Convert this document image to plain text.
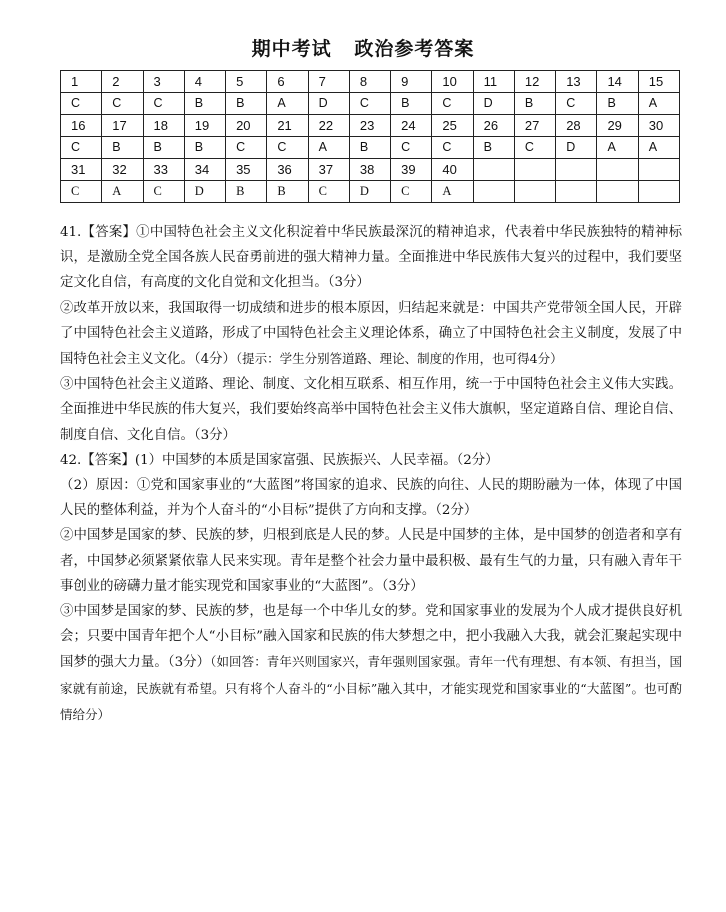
期中考试   政治参考答案
1	2	3	4	5	6	7	8	9	10	11	12	13	14	15
C	C	C	B	B	A	D	C	B	C	D	B	C	B	A
16	17	18	19	20	21	22	23	24	25	26	27	28	29	30
C	B	B	B	C	C	A	B	C	C	B	C	D	A	A
31	32	33	34	35	36	37	38	39	40					
C	A	C	D	B	B	C	D	C	A					

41.【答案】①中国特色社会主义文化积淀着中华民族最深沉的精神追求，代表着中华民族独特的精神标识，是激励全党全国各族人民奋勇前进的强大精神力量。全面推进中华民族伟大复兴的过程中，我们要坚定文化自信，有高度的文化自觉和文化担当。（3分）

②改革开放以来，我国取得一切成绩和进步的根本原因，归结起来就是：中国共产党带领全国人民，开辟了中国特色社会主义道路，形成了中国特色社会主义理论体系，确立了中国特色社会主义制度，发展了中国特色社会主义文化。（4分）（提示：学生分别答道路、理论、制度的作用，也可得4分）

③中国特色社会主义道路、理论、制度、文化相互联系、相互作用，统一于中国特色社会主义伟大实践。全面推进中华民族的伟大复兴，我们要始终高举中国特色社会主义伟大旗帜，坚定道路自信、理论自信、制度自信、文化自信。（3分）

42.【答案】(1）中国梦的本质是国家富强、民族振兴、人民幸福。（2分）

（2）原因：①党和国家事业的“大蓝图”将国家的追求、民族的向往、人民的期盼融为一体，体现了中国人民的整体利益，并为个人奋斗的“小目标”提供了方向和支撑。（2分）

②中国梦是国家的梦、民族的梦，归根到底是人民的梦。人民是中国梦的主体，是中国梦的创造者和享有者，中国梦必须紧紧依靠人民来实现。青年是整个社会力量中最积极、最有生气的力量，只有融入青年干事创业的磅礴力量才能实现党和国家事业的“大蓝图”。（3分）

③中国梦是国家的梦、民族的梦，也是每一个中华儿女的梦。党和国家事业的发展为个人成才提供良好机会；只要中国青年把个人“小目标”融入国家和民族的伟大梦想之中，把小我融入大我，就会汇聚起实现中国梦的强大力量。（3分）（如回答：青年兴则国家兴，青年强则国家强。青年一代有理想、有本领、有担当，国家就有前途，民族就有希望。只有将个人奋斗的“小目标”融入其中，才能实现党和国家事业的“大蓝图”。也可酌情给分）
